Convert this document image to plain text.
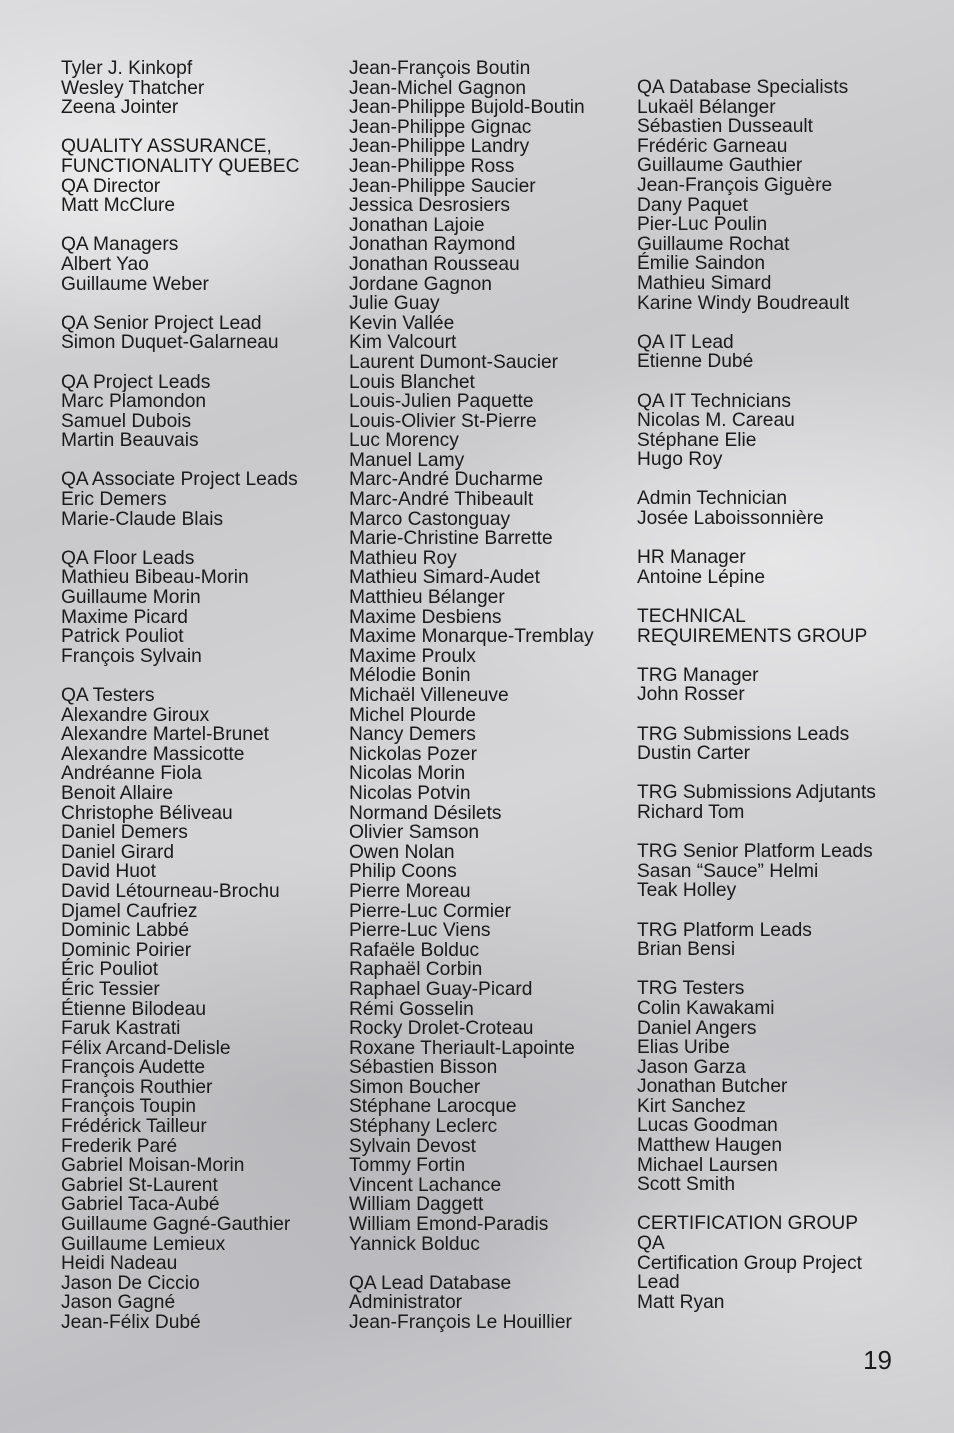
Tyler J. Kinkopf
Wesley Thatcher
Zeena Jointer
QUALITY ASSURANCE,
FUNCTIONALITY QUEBEC
QA Director
Matt McClure
QA Managers
Albert Yao
Guillaume Weber
QA Senior Project Lead
Simon Duquet-Galarneau
QA Project Leads
Marc Plamondon
Samuel Dubois
Martin Beauvais
QA Associate Project Leads
Eric Demers
Marie-Claude Blais
QA Floor Leads
Mathieu Bibeau-Morin
Guillaume Morin
Maxime Picard
Patrick Pouliot
François Sylvain
QA Testers
Alexandre Giroux
Alexandre Martel-Brunet
Alexandre Massicotte
Andréanne Fiola
Benoit Allaire
Christophe Béliveau
Daniel Demers
Daniel Girard
David Huot
David Létourneau-Brochu
Djamel Caufriez
Dominic Labbé
Dominic Poirier
Éric Pouliot
Éric Tessier
Étienne Bilodeau
Faruk Kastrati
Félix Arcand-Delisle
François Audette
François Routhier
François Toupin
Frédérick Tailleur
Frederik Paré
Gabriel Moisan-Morin
Gabriel St-Laurent
Gabriel Taca-Aubé
Guillaume Gagné-Gauthier
Guillaume Lemieux
Heidi Nadeau
Jason De Ciccio
Jason Gagné
Jean-Félix Dubé
Jean-François Boutin
Jean-Michel Gagnon
Jean-Philippe Bujold-Boutin
Jean-Philippe Gignac
Jean-Philippe Landry
Jean-Philippe Ross
Jean-Philippe Saucier
Jessica Desrosiers
Jonathan Lajoie
Jonathan Raymond
Jonathan Rousseau
Jordane Gagnon
Julie Guay
Kevin Vallée
Kim Valcourt
Laurent Dumont-Saucier
Louis Blanchet
Louis-Julien Paquette
Louis-Olivier St-Pierre
Luc Morency
Manuel Lamy
Marc-André Ducharme
Marc-André Thibeault
Marco Castonguay
Marie-Christine Barrette
Mathieu Roy
Mathieu Simard-Audet
Matthieu Bélanger
Maxime Desbiens
Maxime Monarque-Tremblay
Maxime Proulx
Mélodie Bonin
Michaël Villeneuve
Michel Plourde
Nancy Demers
Nickolas Pozer
Nicolas Morin
Nicolas Potvin
Normand Désilets
Olivier Samson
Owen Nolan
Philip Coons
Pierre Moreau
Pierre-Luc Cormier
Pierre-Luc Viens
Rafaële Bolduc
Raphaël Corbin
Raphael Guay-Picard
Rémi Gosselin
Rocky Drolet-Croteau
Roxane Theriault-Lapointe
Sébastien Bisson
Simon Boucher
Stéphane Larocque
Stéphany Leclerc
Sylvain Devost
Tommy Fortin
Vincent Lachance
William Daggett
William Emond-Paradis
Yannick Bolduc
QA Lead Database
Administrator
Jean-François Le Houillier
QA Database Specialists
Lukaël Bélanger
Sébastien Dusseault
Frédéric Garneau
Guillaume Gauthier
Jean-François Giguère
Dany Paquet
Pier-Luc Poulin
Guillaume Rochat
Émilie Saindon
Mathieu Simard
Karine Windy Boudreault
QA IT Lead
Etienne Dubé
QA IT Technicians
Nicolas M. Careau
Stéphane Elie
Hugo Roy
Admin Technician
Josée Laboissonnière
HR Manager
Antoine Lépine
TECHNICAL
REQUIREMENTS GROUP
TRG Manager
John Rosser
TRG Submissions Leads
Dustin Carter
TRG Submissions Adjutants
Richard Tom
TRG Senior Platform Leads
Sasan “Sauce” Helmi
Teak Holley
TRG Platform Leads
Brian Bensi
TRG Testers
Colin Kawakami
Daniel Angers
Elias Uribe
Jason Garza
Jonathan Butcher
Kirt Sanchez
Lucas Goodman
Matthew Haugen
Michael Laursen
Scott Smith
CERTIFICATION GROUP
QA
Certification Group Project
Lead
Matt Ryan
19
